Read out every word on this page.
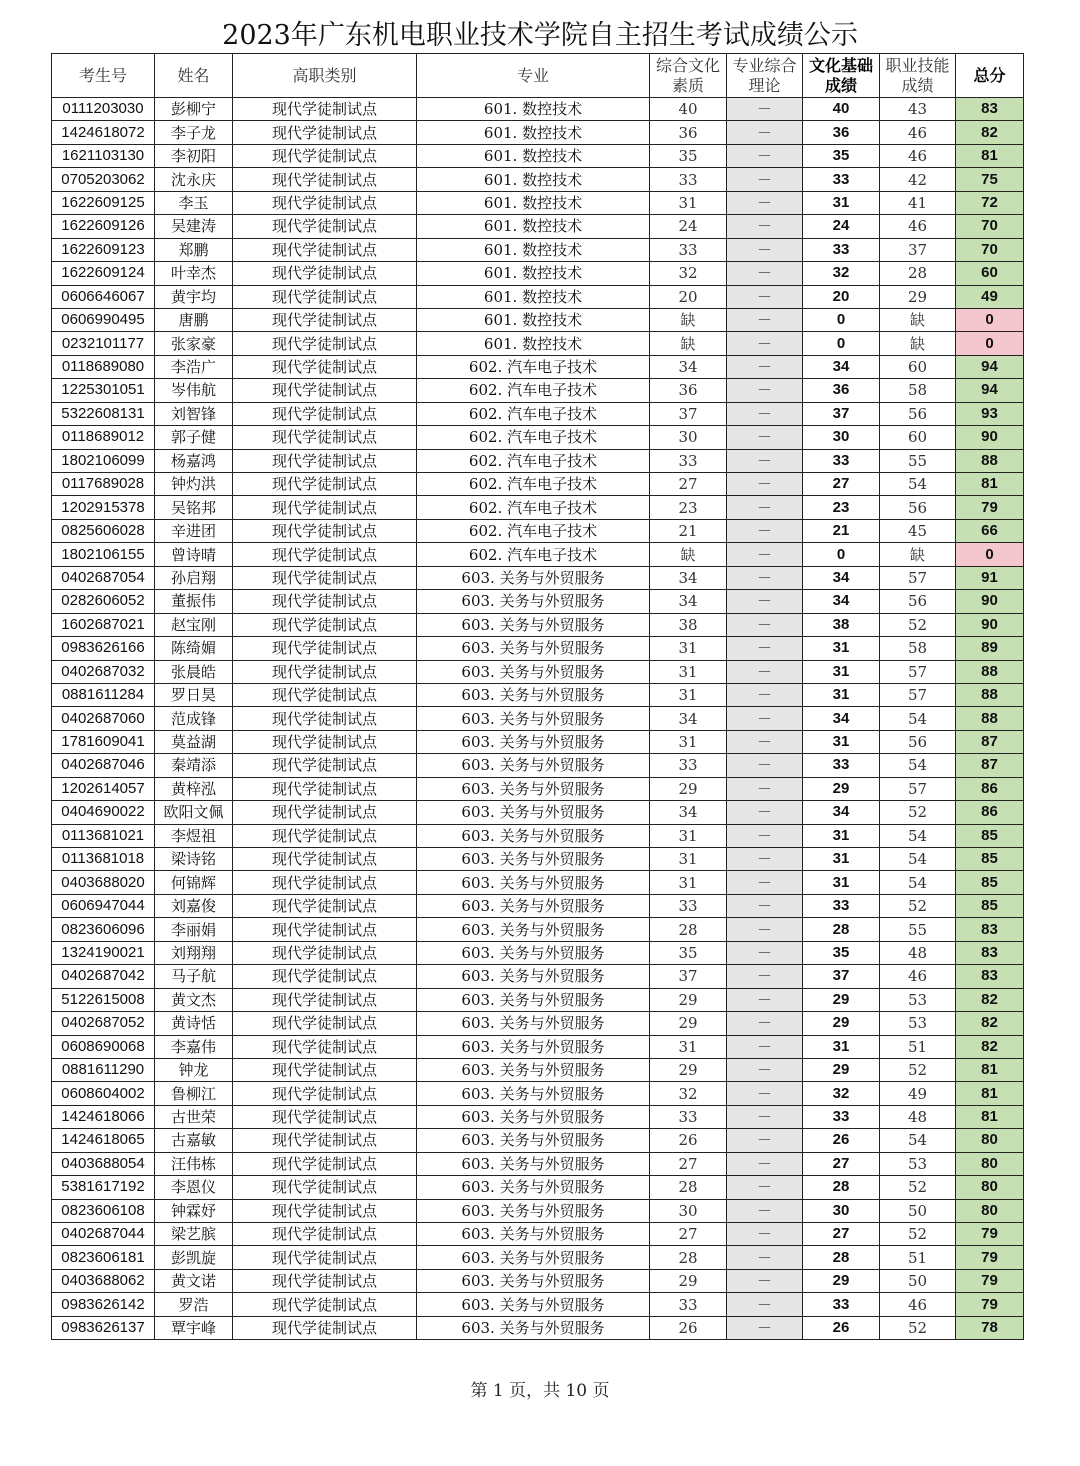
2023年广东机电职业技术学院自主招生考试成绩公示
考生号	姓名	高职类别	专业	综合文化素质	专业综合理论	文化基础成绩	职业技能成绩	总分
0111203030	彭柳宁	现代学徒制试点	601. 数控技术	40	－	40	43	83
1424618072	李子龙	现代学徒制试点	601. 数控技术	36	－	36	46	82
1621103130	李初阳	现代学徒制试点	601. 数控技术	35	－	35	46	81
0705203062	沈永庆	现代学徒制试点	601. 数控技术	33	－	33	42	75
1622609125	李玉	现代学徒制试点	601. 数控技术	31	－	31	41	72
1622609126	吴建涛	现代学徒制试点	601. 数控技术	24	－	24	46	70
1622609123	郑鹏	现代学徒制试点	601. 数控技术	33	－	33	37	70
1622609124	叶幸杰	现代学徒制试点	601. 数控技术	32	－	32	28	60
0606646067	黄宇均	现代学徒制试点	601. 数控技术	20	－	20	29	49
0606990495	唐鹏	现代学徒制试点	601. 数控技术	缺	－	0	缺	0
0232101177	张家豪	现代学徒制试点	601. 数控技术	缺	－	0	缺	0
0118689080	李浩广	现代学徒制试点	602. 汽车电子技术	34	－	34	60	94
1225301051	岑伟航	现代学徒制试点	602. 汽车电子技术	36	－	36	58	94
5322608131	刘智锋	现代学徒制试点	602. 汽车电子技术	37	－	37	56	93
0118689012	郭子健	现代学徒制试点	602. 汽车电子技术	30	－	30	60	90
1802106099	杨嘉鸿	现代学徒制试点	602. 汽车电子技术	33	－	33	55	88
0117689028	钟灼洪	现代学徒制试点	602. 汽车电子技术	27	－	27	54	81
1202915378	吴铭邦	现代学徒制试点	602. 汽车电子技术	23	－	23	56	79
0825606028	辛进团	现代学徒制试点	602. 汽车电子技术	21	－	21	45	66
1802106155	曾诗晴	现代学徒制试点	602. 汽车电子技术	缺	－	0	缺	0
0402687054	孙启翔	现代学徒制试点	603. 关务与外贸服务	34	－	34	57	91
0282606052	董振伟	现代学徒制试点	603. 关务与外贸服务	34	－	34	56	90
1602687021	赵宝刚	现代学徒制试点	603. 关务与外贸服务	38	－	38	52	90
0983626166	陈绮媚	现代学徒制试点	603. 关务与外贸服务	31	－	31	58	89
0402687032	张晨皓	现代学徒制试点	603. 关务与外贸服务	31	－	31	57	88
0881611284	罗日昊	现代学徒制试点	603. 关务与外贸服务	31	－	31	57	88
0402687060	范成锋	现代学徒制试点	603. 关务与外贸服务	34	－	34	54	88
1781609041	莫益湖	现代学徒制试点	603. 关务与外贸服务	31	－	31	56	87
0402687046	秦靖添	现代学徒制试点	603. 关务与外贸服务	33	－	33	54	87
1202614057	黄梓泓	现代学徒制试点	603. 关务与外贸服务	29	－	29	57	86
0404690022	欧阳文佩	现代学徒制试点	603. 关务与外贸服务	34	－	34	52	86
0113681021	李煜祖	现代学徒制试点	603. 关务与外贸服务	31	－	31	54	85
0113681018	梁诗铭	现代学徒制试点	603. 关务与外贸服务	31	－	31	54	85
0403688020	何锦辉	现代学徒制试点	603. 关务与外贸服务	31	－	31	54	85
0606947044	刘嘉俊	现代学徒制试点	603. 关务与外贸服务	33	－	33	52	85
0823606096	李丽娟	现代学徒制试点	603. 关务与外贸服务	28	－	28	55	83
1324190021	刘翔翔	现代学徒制试点	603. 关务与外贸服务	35	－	35	48	83
0402687042	马子航	现代学徒制试点	603. 关务与外贸服务	37	－	37	46	83
5122615008	黄文杰	现代学徒制试点	603. 关务与外贸服务	29	－	29	53	82
0402687052	黄诗恬	现代学徒制试点	603. 关务与外贸服务	29	－	29	53	82
0608690068	李嘉伟	现代学徒制试点	603. 关务与外贸服务	31	－	31	51	82
0881611290	钟龙	现代学徒制试点	603. 关务与外贸服务	29	－	29	52	81
0608604002	鲁柳江	现代学徒制试点	603. 关务与外贸服务	32	－	32	49	81
1424618066	古世荣	现代学徒制试点	603. 关务与外贸服务	33	－	33	48	81
1424618065	古嘉敏	现代学徒制试点	603. 关务与外贸服务	26	－	26	54	80
0403688054	汪伟栋	现代学徒制试点	603. 关务与外贸服务	27	－	27	53	80
5381617192	李恩仪	现代学徒制试点	603. 关务与外贸服务	28	－	28	52	80
0823606108	钟霖妤	现代学徒制试点	603. 关务与外贸服务	30	－	30	50	80
0402687044	梁艺膑	现代学徒制试点	603. 关务与外贸服务	27	－	27	52	79
0823606181	彭凯旋	现代学徒制试点	603. 关务与外贸服务	28	－	28	51	79
0403688062	黄文诺	现代学徒制试点	603. 关务与外贸服务	29	－	29	50	79
0983626142	罗浩	现代学徒制试点	603. 关务与外贸服务	33	－	33	46	79
0983626137	覃宇峰	现代学徒制试点	603. 关务与外贸服务	26	－	26	52	78
第 1 页，共 10 页
